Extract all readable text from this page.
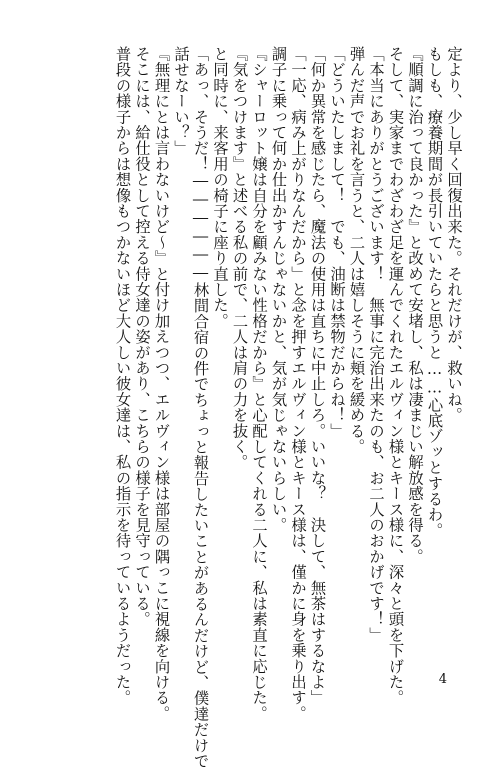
定より、少し早く回復出来た。それだけが、救いね。
もしも、療養期間が長引いていたらと思うと……心底ゾッとするわ。
『順調に治って良かった』と改めて安堵し、私は凄まじい解放感を得る。
そして、実家までわざわざ足を運んでくれたエルヴィン様とキース様に、深々と頭を下げた。
「本当にありがとうございます！　無事に完治出来たのも、お二人のおかげです！」
弾んだ声でお礼を言うと、二人は嬉しそうに頬を緩める。
「どういたしまして！　でも、油断は禁物だからね！」
「何か異常を感じたら、魔法の使用は直ちに中止しろ。いいな？　決して、無茶はするなよ」
「一応、病み上がりなんだから」と念を押すエルヴィン様とキース様は、僅かに身を乗り出す。
調子に乗って何か仕出かすんじゃないかと、気が気じゃないらしい。
『シャーロット嬢は自分を顧みない性格だから』と心配してくれる二人に、私は素直に応じた。
『気をつけます』と述べる私の前で、二人は肩の力を抜く。
と同時に、来客用の椅子に座り直した。
「あっ、そうだ！――――――林間合宿の件でちょっと報告したいことがあるんだけど、僕達だけで
話せなーい？」
『無理にとは言わないけど〜』と付け加えつつ、エルヴィン様は部屋の隅っこに視線を向ける。
そこには、給仕役として控える侍女達の姿があり、こちらの様子を見守っている。
普段の様子からは想像もつかないほど大人しい彼女達は、私の指示を待っているようだった。	4
